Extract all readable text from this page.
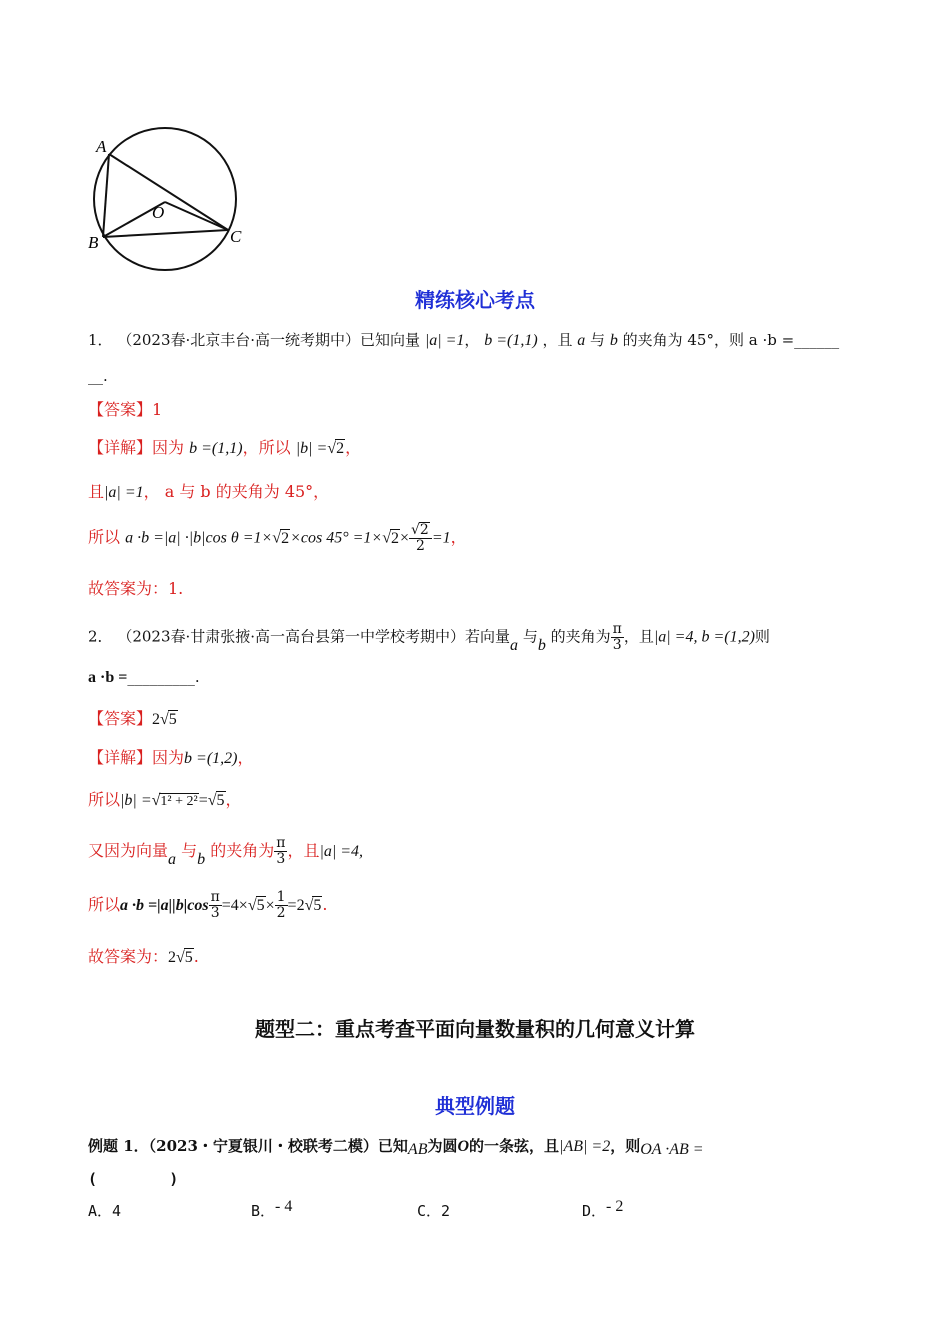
A
B	C
O
精练核心考点
1． （2023春·北京丰台·高一统考期中）已知向量 |a| =1， b =(1,1) ，且 a 与 b 的夹角为 45°，则 a ·b =______
__.
【答案】1
【详解】因为 b =(1,1)，所以 |b| =√2，
且|a| =1， a 与 b 的夹角为 45°，
所以 a ·b =|a| ·|b|cos θ =1×√2×cos $45^\circ =1\times√2\times \frac{√2}{2} =1$，
故答案为：1.
2． （2023春·甘肃张掖·高一高台县第一中学校考期中）若向量a 与b 的夹角为 $\frac{\pi}{3}$ ，且|a| =4, b =(1,2)则
a ·b =_________.
【答案】2√5
【详解】因为b =(1,2)，
所以|b| =√1² + 2²=√5，
又因为向量a 与b 的夹角为 $\frac{\pi}{3}$ ，且|a| =4,
所以$a \cdot b =|a||b|\cos \frac{\pi}{3} =4\times√5\times \frac{1}{2} =2√5$.
故答案为：2√5.
题型二：重点考查平面向量数量积的几何意义计算
典型例题
例题 1．（2023・宁夏银川・校联考二模）已知AB为圆O的一条弦，且|AB| =2，则OA ·AB =
(        )
A．4	B．- 4	C．2	D．- 2
